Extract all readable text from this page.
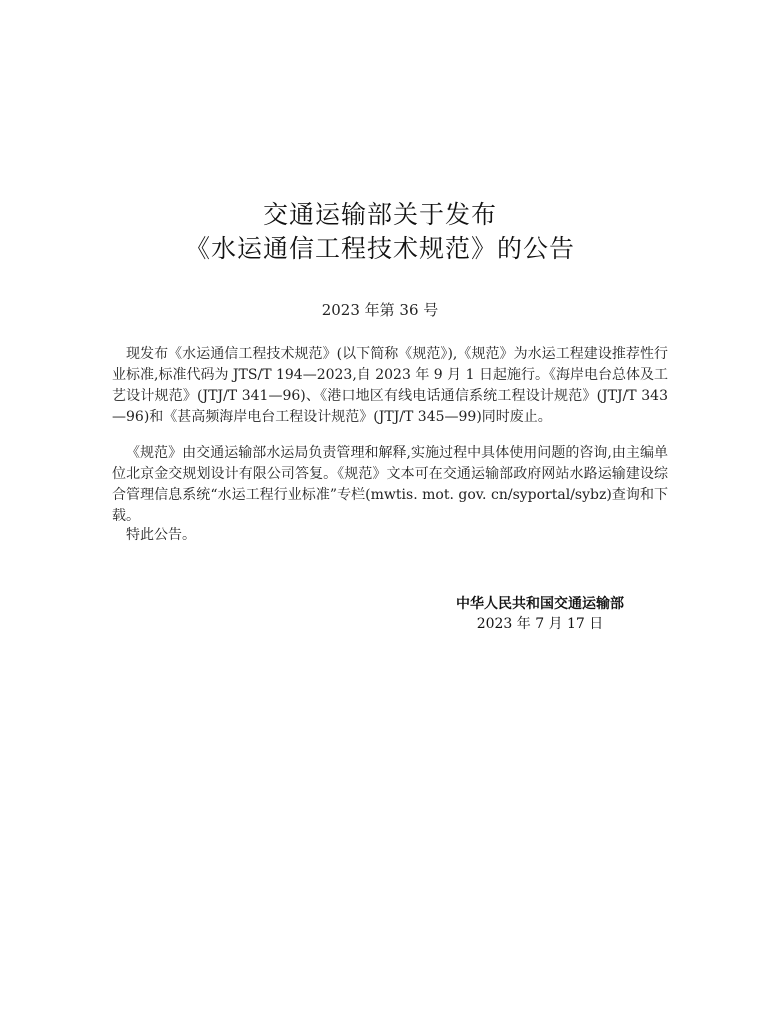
交通运输部关于发布
《水运通信工程技术规范》的公告
2023 年第 36 号

现发布《水运通信工程技术规范》(以下简称《规范》),《规范》为水运工程建设推荐性行业标准,标准代码为 JTS/T 194—2023,自 2023 年 9 月 1 日起施行。《海岸电台总体及工艺设计规范》(JTJ/T 341—96)、《港口地区有线电话通信系统工程设计规范》(JTJ/T 343—96)和《甚高频海岸电台工程设计规范》(JTJ/T 345—99)同时废止。

《规范》由交通运输部水运局负责管理和解释,实施过程中具体使用问题的咨询,由主编单位北京金交规划设计有限公司答复。《规范》文本可在交通运输部政府网站水路运输建设综合管理信息系统“水运工程行业标准”专栏(mwtis. mot. gov. cn/syportal/sybz)查询和下载。

特此公告。

中华人民共和国交通运输部
2023 年 7 月 17 日
